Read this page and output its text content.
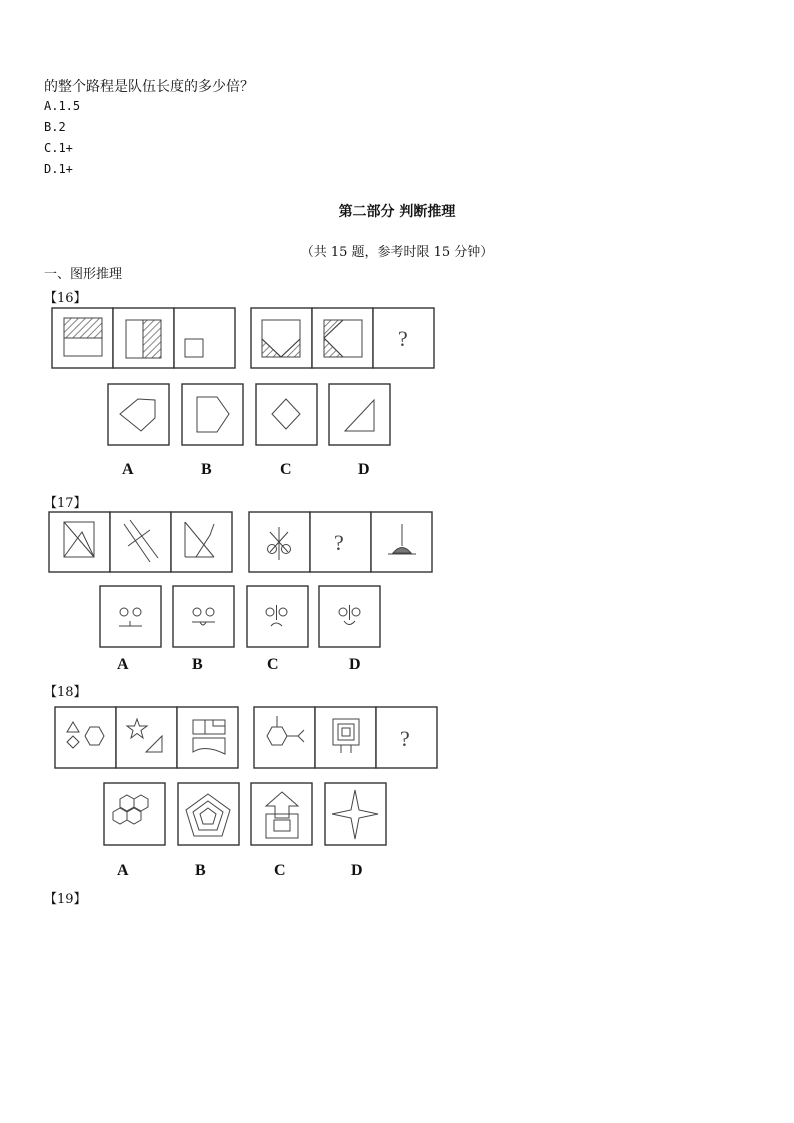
的整个路程是队伍长度的多少倍？
A.1.5
B.2
C.1+
D.1+
第二部分 判断推理
（共 15 题，参考时限 15 分钟）
一、图形推理
【16】
?
?
?
A	B	C	D
【17】
A	B	C	D
【18】
A	B	C	D
【19】
